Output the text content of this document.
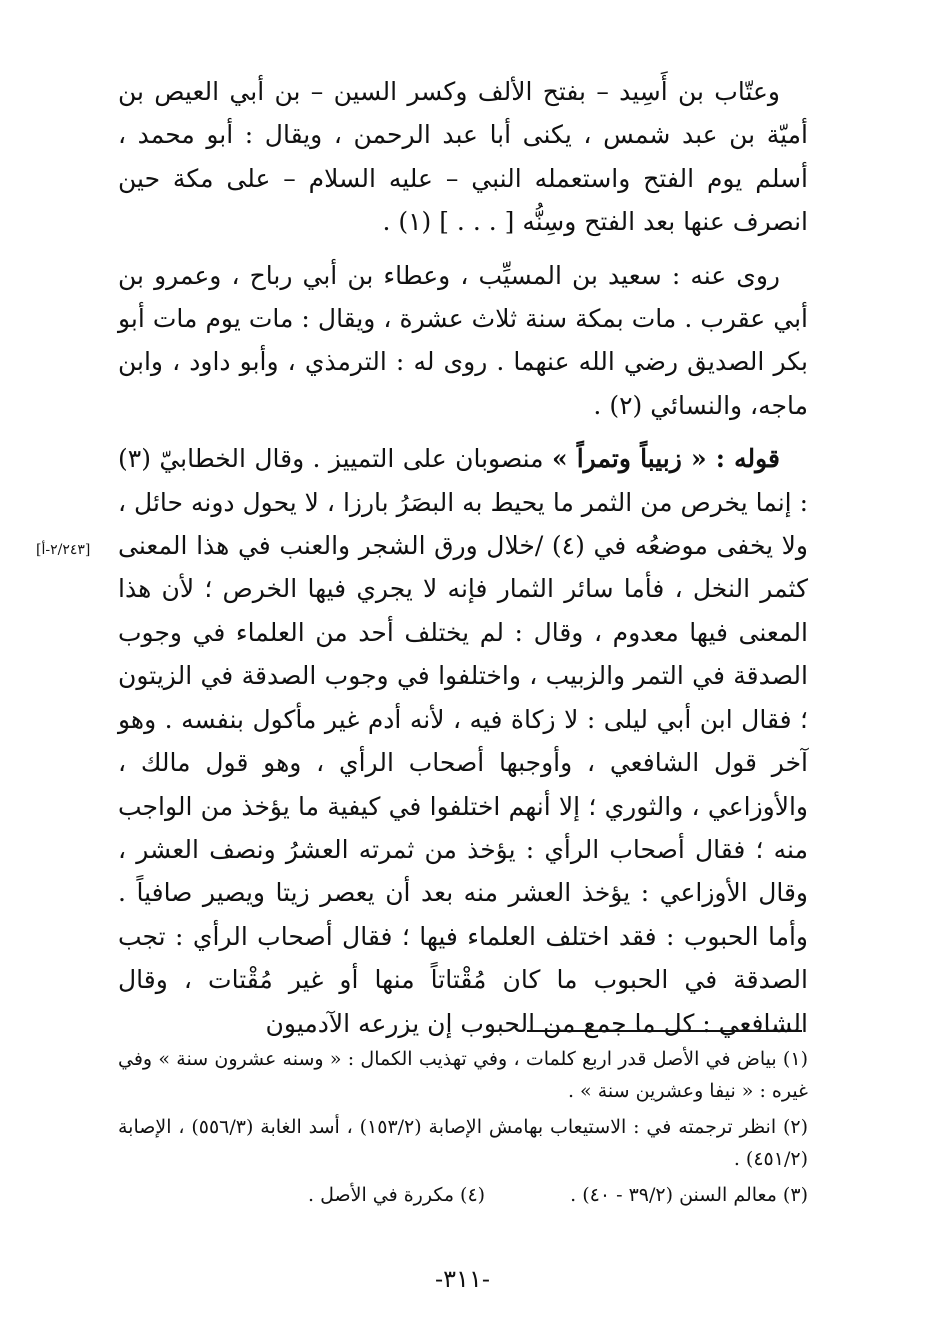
وعتّاب بن أَسِيد – بفتح الألف وكسر السين – بن أبي العيص بن أميّة بن عبد شمس ، يكنى أبا عبد الرحمن ، ويقال : أبو محمد ، أسلم يوم الفتح واستعمله النبي – عليه السلام – على مكة حين انصرف عنها بعد الفتح وسِنُّه [ . . . ] (١) .

روى عنه : سعيد بن المسيِّب ، وعطاء بن أبي رباح ، وعمرو بن أبي عقرب . مات بمكة سنة ثلاث عشرة ، ويقال : مات يوم مات أبو بكر الصديق رضي الله عنهما . روى له : الترمذي ، وأبو داود ، وابن ماجه، والنسائي (٢) .

قوله : « زبيباً وتمراً » منصوبان على التمييز . وقال الخطابيّ (٣) : إنما يخرص من الثمر ما يحيط به البصَرُ بارزا ، لا يحول دونه حائل ، ولا يخفى موضعُه في (٤) /خلال ورق الشجر والعنب في هذا المعنى كثمر النخل ، فأما سائر الثمار فإنه لا يجري فيها الخرص ؛ لأن هذا المعنى فيها معدوم ، وقال : لم يختلف أحد من العلماء في وجوب الصدقة في التمر والزبيب ، واختلفوا في وجوب الصدقة في الزيتون ؛ فقال ابن أبي ليلى : لا زكاة فيه ، لأنه أدم غير مأكول بنفسه . وهو آخر قول الشافعي ، وأوجبها أصحاب الرأي ، وهو قول مالك ، والأوزاعي ، والثوري ؛ إلا أنهم اختلفوا في كيفية ما يؤخذ من الواجب منه ؛ فقال أصحاب الرأي : يؤخذ من ثمرته العشرُ ونصف العشر ، وقال الأوزاعي : يؤخذ العشر منه بعد أن يعصر زيتا ويصير صافياً . وأما الحبوب : فقد اختلف العلماء فيها ؛ فقال أصحاب الرأي : تجب الصدقة في الحبوب ما كان مُقْتاتاً منها أو غير مُقْتات ، وقال الشافعي : كل ما جمع من الحبوب إن يزرعه الآدميون

[٢/٢٤٣-أ]

(١) بياض في الأصل قدر اربع كلمات ، وفي تهذيب الكمال : « وسنه عشرون سنة » وفي غيره : « نيفا وعشرين سنة » .

(٢) انظر ترجمته في : الاستيعاب بهامش الإصابة (١٥٣/٢) ، أسد الغابة (٥٥٦/٣) ، الإصابة (٤٥١/٢) .

(٣) معالم السنن (٣٩/٢ - ٤٠) .

(٤) مكررة في الأصل .

-٣١١-
